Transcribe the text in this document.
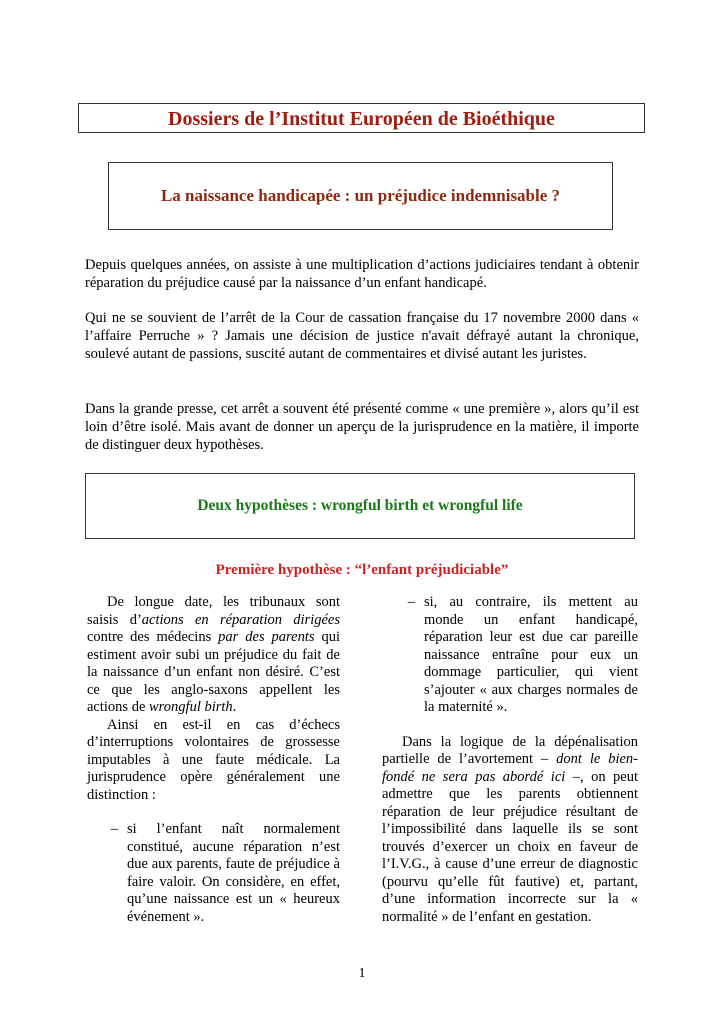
Dossiers de l’Institut Européen de Bioéthique
La naissance handicapée : un préjudice indemnisable ?

Depuis quelques années, on assiste à une multiplication d’actions judiciaires tendant à obtenir réparation du préjudice causé par la naissance d’un enfant handicapé.

Qui ne se souvient de l’arrêt de la Cour de cassation française du 17 novembre 2000 dans « l’affaire Perruche » ? Jamais une décision de justice n'avait défrayé autant la chronique, soulevé autant de passions, suscité autant de commentaires et divisé autant les juristes.

Dans la grande presse, cet arrêt a souvent été présenté comme « une première », alors qu’il est loin d’être isolé. Mais avant de donner un aperçu de la jurisprudence en la matière, il importe de distinguer deux hypothèses.

Deux hypothèses : wrongful birth et wrongful life

Première hypothèse : “l’enfant préjudiciable”

De longue date, les tribunaux sont saisis d’actions en réparation dirigées contre des médecins par des parents qui estiment avoir subi un préjudice du fait de la naissance d’un enfant non désiré. C’est ce que les anglo-saxons appellent les actions de wrongful birth.

Ainsi en est-il en cas d’échecs d’interruptions volontaires de grossesse imputables à une faute médicale. La jurisprudence opère généralement une distinction :

– si l’enfant naît normalement constitué, aucune réparation n’est due aux parents, faute de préjudice à faire valoir. On considère, en effet, qu’une naissance est un « heureux événement ».
– si, au contraire, ils mettent au monde un enfant handicapé, réparation leur est due car pareille naissance entraîne pour eux un dommage particulier, qui vient s’ajouter « aux charges normales de la maternité ».

Dans la logique de la dépénalisation partielle de l’avortement – dont le bien-fondé ne sera pas abordé ici –, on peut admettre que les parents obtiennent réparation de leur préjudice résultant de l’impossibilité dans laquelle ils se sont trouvés d’exercer un choix en faveur de l’I.V.G., à cause d’une erreur de diagnostic (pourvu qu’elle fût fautive) et, partant, d’une information incorrecte sur la « normalité » de l’enfant en gestation.

1
